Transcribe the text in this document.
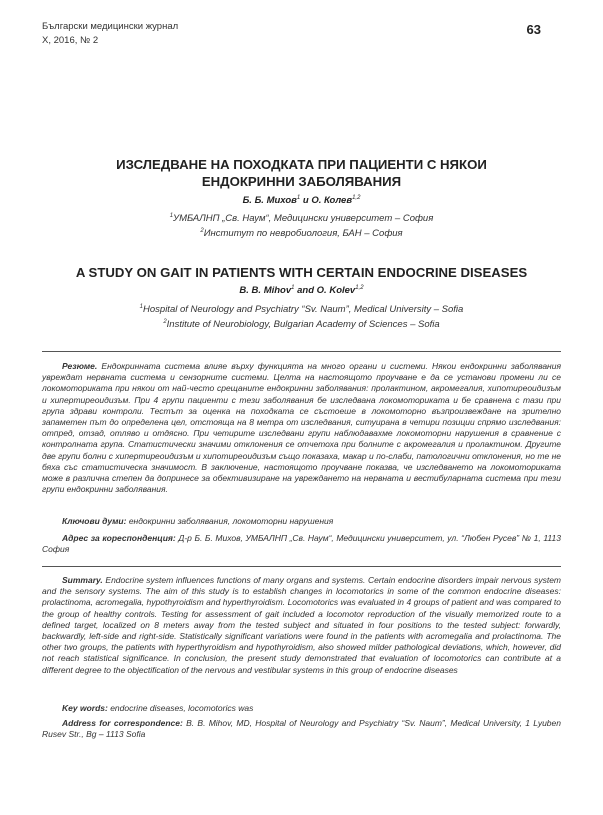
Български медицински журнал
X, 2016, № 2
63
ИЗСЛЕДВАНЕ НА ПОХОДКАТА ПРИ ПАЦИЕНТИ С НЯКОИ
ЕНДОКРИННИ ЗАБОЛЯВАНИЯ
Б. Б. Михов$^1$ и О. Колев$^{1,2}$
$^1$УМБАЛНП „Св. Наум“, Медицински университет – София
$^2$Институт по невробиология, БАН – София
A STUDY ON GAIT IN PATIENTS WITH CERTAIN ENDOCRINE DISEASES
B. B. Mihov$^1$ and O. Kolev$^{1,2}$
$^1$Hospital of Neurology and Psychiatry “Sv. Naum”, Medical University – Sofia
$^2$Institute of Neurobiology, Bulgarian Academy of Sciences – Sofia
Резюме. Ендокринната система влияе върху функцията на много органи и системи. Някои ендокринни заболявания увреждат нервната система и сензорните системи. Целта на настоящото проучване е да се установи промени ли се локомоториката при някои от най-често срещаните ендокринни заболявания: пролактином, акромегалия, хипотиреоидизъм и хипертиреоидизъм. При 4 групи пациенти с тези заболявания бе изследвана локомоториката и бе сравнена с тази при група здрави контроли. Тестът за оценка на походката се състоеше в локомоторно възпроизвеждане на зрително запаметен път до определена цел, отстояща на 8 метра от изследвания, ситуирана в четири позиции спрямо изследвания: отпред, отзад, отляво и отдясно. При четирите изследвани групи наблюдавахме локомоторни нарушения в сравнение с контролната група. Статистически значими отклонения се отчетоха при болните с акромегалия и пролактином. Другите две групи болни с хипертиреоидизъм и хипотиреоидизъм също показаха, макар и по-слаби, патологични отклонения, но те не бяха със статистическа значимост. В заключение, настоящото проучване показва, че изследването на локомоториката може в различна степен да допринесе за обективизиране на увреждането на нервната и вестибуларната система при тези групи ендокринни заболявания.
Ключови думи: ендокринни заболявания, локомоторни нарушения
Адрес за кореспонденция: Д-р Б. Б. Михов, УМБАЛНП „Св. Наум“, Медицински университет, ул. “Любен Русев” № 1, 1113 София
Summary. Endocrine system influences functions of many organs and systems. Certain endocrine disorders impair nervous system and the sensory systems. The aim of this study is to establish changes in locomotorics in some of the common endocrine diseases: prolactinoma, acromegalia, hypothyroidism and hyperthyroidism. Locomotorics was evaluated in 4 groups of patient and was compared to the group of healthy controls. Testing for assessment of gait included a locomotor reproduction of the visually memorized route to a defined target, localized on 8 meters away from the tested subject and situated in four positions to the tested subject: forwardly, backwardly, left-side and right-side. Statistically significant variations were found in the patients with acromegalia and prolactinoma. The other two groups, the patients with hyperthyroidism and hypothyroidism, also showed milder pathological deviations, which, however, did not reach statistical significance. In conclusion, the present study demonstrated that evaluation of locomotorics can contribute at a different degree to the objectification of the nervous and vestibular systems in this group of endocrine diseases
Key words: endocrine diseases, locomotorics was
Address for correspondence: B. B. Mihov, MD, Hospital of Neurology and Psychiatry “Sv. Naum”, Medical University, 1 Lyuben Rusev Str., Bg – 1113 Sofia
